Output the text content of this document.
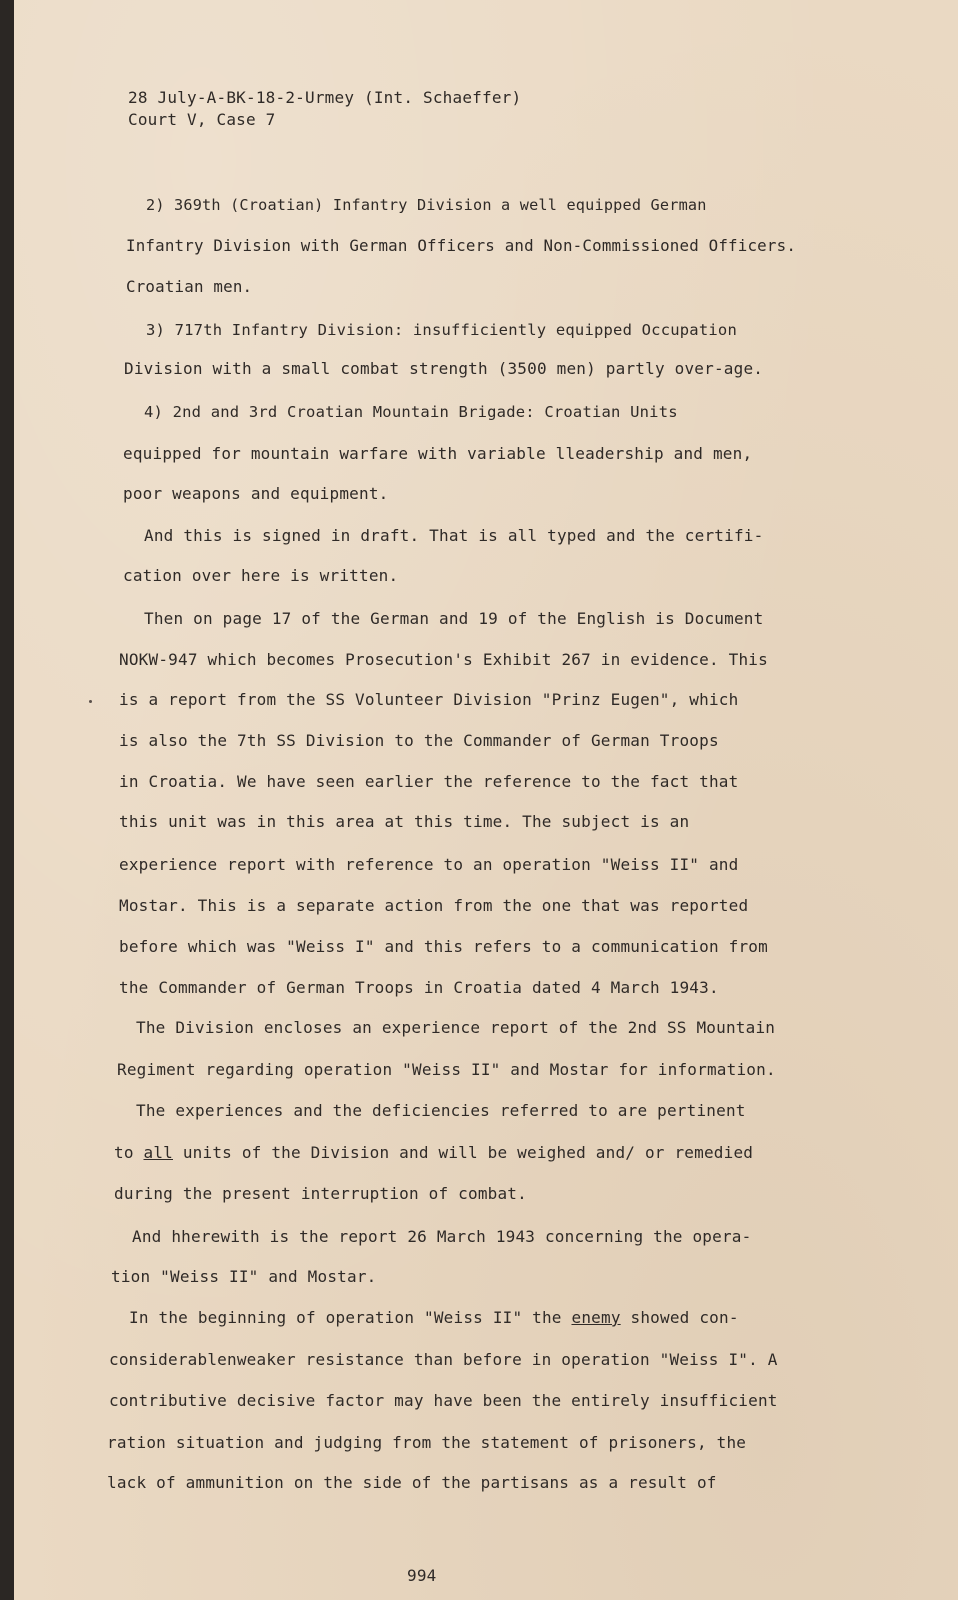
28 July-A-BK-18-2-Urmey (Int. Schaeffer)
Court V, Case 7
2) 369th (Croatian) Infantry Division a well equipped German
Infantry Division with German Officers and Non-Commissioned Officers.
Croatian men.
3) 717th Infantry Division: insufficiently equipped Occupation
Division with a small combat strength (3500 men) partly over-age.
4) 2nd and 3rd Croatian Mountain Brigade: Croatian Units
equipped for mountain warfare with variable lleadership and men,
poor weapons and equipment.
And this is signed in draft. That is all typed and the certifi-
cation over here is written.
Then on page 17 of the German and 19 of the English is Document
NOKW-947 which becomes Prosecution's Exhibit 267 in evidence. This
is a report from the SS Volunteer Division "Prinz Eugen", which
is also the 7th SS Division to the Commander of German Troops
in Croatia. We have seen earlier the reference to the fact that
this unit was in this area at this time. The subject is an
experience report with reference to an operation "Weiss II" and
Mostar. This is a separate action from the one that was reported
before which was "Weiss I" and this refers to a communication from
the Commander of German Troops in Croatia dated 4 March 1943.
The Division encloses an experience report of the 2nd SS Mountain
Regiment regarding operation "Weiss II" and Mostar for information.
The experiences and the deficiencies referred to are pertinent
to all units of the Division and will be weighed and/ or remedied
during the present interruption of combat.
And hherewith is the report 26 March 1943 concerning the opera-
tion "Weiss II" and Mostar.
In the beginning of operation "Weiss II" the enemy showed con-
considerablenweaker resistance than before in operation "Weiss I". A
contributive decisive factor may have been the entirely insufficient
ration situation and judging from the statement of prisoners, the
lack of ammunition on the side of the partisans as a result of
994
